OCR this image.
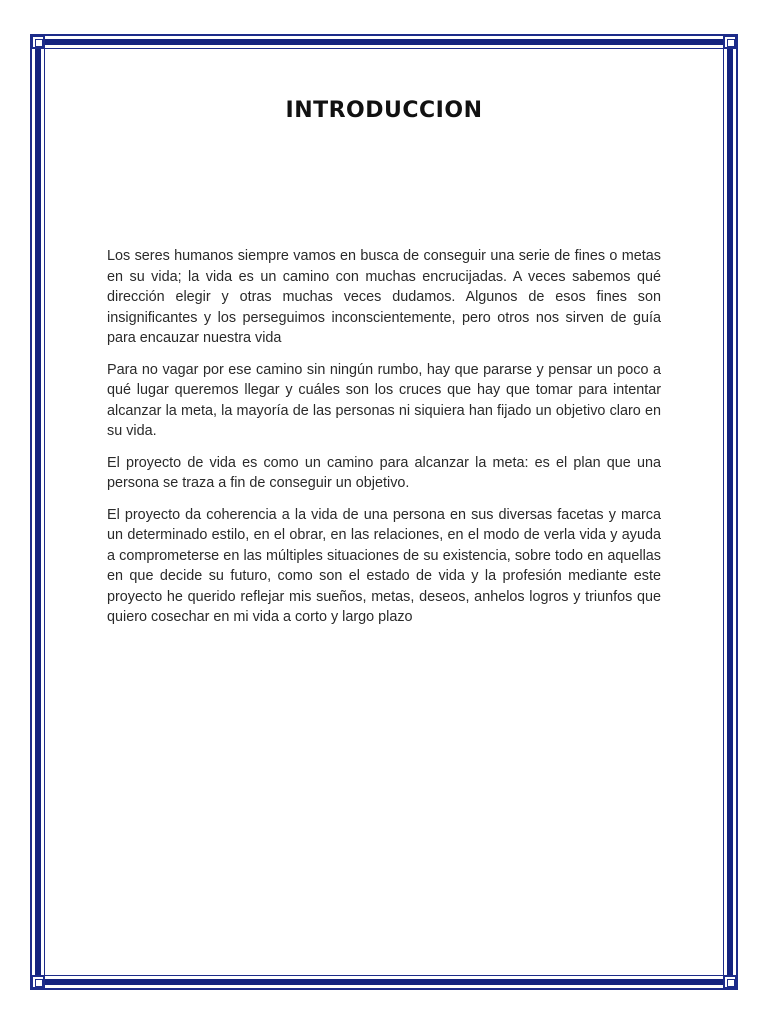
INTRODUCCION

Los seres humanos siempre vamos en busca de conseguir una serie de fines o metas en su vida; la vida es un camino con muchas encrucijadas. A veces sabemos qué dirección elegir y otras muchas veces dudamos. Algunos de esos fines son insignificantes y los perseguimos inconscientemente, pero otros nos sirven de guía para encauzar nuestra vida

Para no vagar por ese camino sin ningún rumbo, hay que pararse y pensar un poco a qué lugar queremos llegar y cuáles son los cruces que hay que tomar para intentar alcanzar la meta, la mayoría de las personas ni siquiera han fijado un objetivo claro en su vida.

El proyecto de vida es como un camino para alcanzar la meta: es el plan que una persona se traza a fin de conseguir un objetivo.

El proyecto da coherencia a la vida de una persona en sus diversas facetas y marca un determinado estilo, en el obrar, en las relaciones, en el modo de verla vida y ayuda a comprometerse en las múltiples situaciones de su existencia, sobre todo en aquellas en que decide su futuro, como son el estado de vida y la profesión mediante este proyecto he querido reflejar mis sueños, metas, deseos, anhelos logros y triunfos que quiero cosechar en mi vida a corto y largo plazo
